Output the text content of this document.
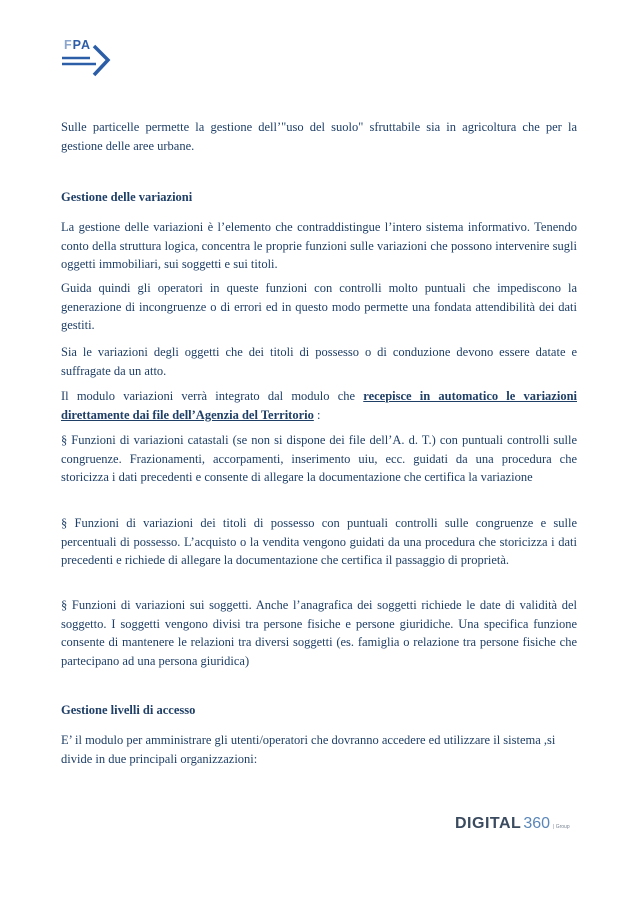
FPA

Sulle particelle permette la gestione dell’"uso del suolo" sfruttabile sia in agricoltura che per la gestione delle aree urbane.

Gestione delle variazioni

La gestione delle variazioni è l’elemento che contraddistingue l’intero sistema informativo. Tenendo conto della struttura logica, concentra le proprie funzioni sulle variazioni che possono intervenire sugli oggetti immobiliari, sui soggetti e sui titoli.

Guida quindi gli operatori in queste funzioni con controlli molto puntuali che impediscono la generazione di incongruenze o di errori ed in questo modo permette una fondata attendibilità dei dati gestiti.

Sia le variazioni degli oggetti che dei titoli di possesso o di conduzione devono essere datate e suffragate da un atto.

Il modulo variazioni verrà integrato dal modulo che recepisce in automatico le variazioni direttamente dai file dell’Agenzia del Territorio :

§ Funzioni di variazioni catastali (se non si dispone dei file dell’A. d. T.) con puntuali controlli sulle congruenze. Frazionamenti, accorpamenti, inserimento uiu, ecc. guidati da una procedura che storicizza i dati precedenti e consente di allegare la documentazione che certifica la variazione

§ Funzioni di variazioni dei titoli di possesso con puntuali controlli sulle congruenze e sulle percentuali di possesso. L’acquisto o la vendita vengono guidati da una procedura che storicizza i dati precedenti e richiede di allegare la documentazione che certifica il passaggio di proprietà.

§ Funzioni di variazioni sui soggetti. Anche l’anagrafica dei soggetti richiede le date di validità del soggetto. I soggetti vengono divisi tra persone fisiche e persone giuridiche. Una specifica funzione consente di mantenere le relazioni tra diversi soggetti (es. famiglia o relazione tra persone fisiche che partecipano ad una persona giuridica)

Gestione livelli di accesso

E’ il modulo per amministrare gli utenti/operatori che dovranno accedere ed utilizzare il sistema ,si divide in due principali organizzazioni:

DIGITAL 360 | Group
